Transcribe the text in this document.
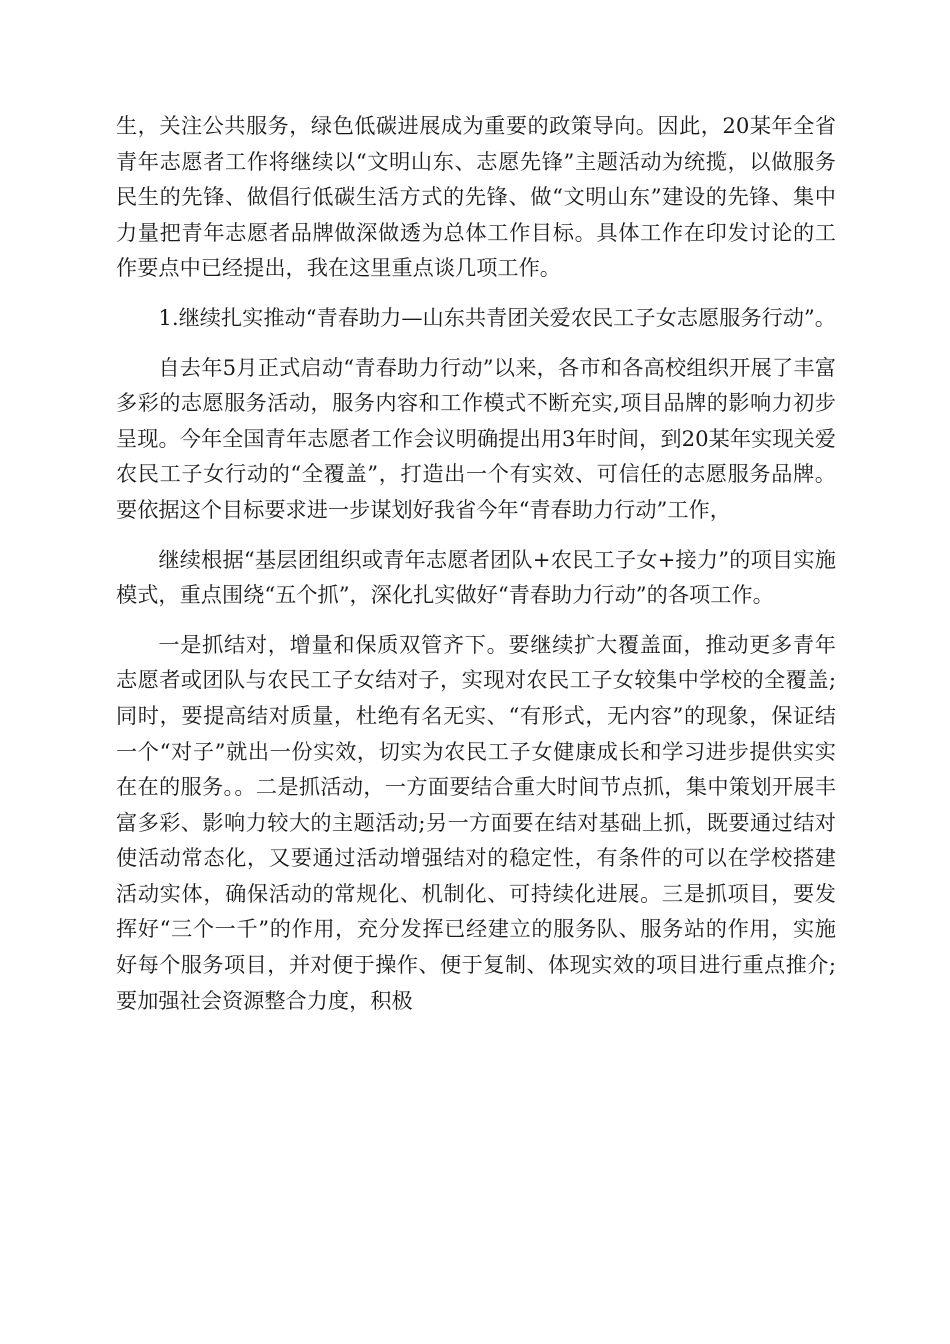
生，关注公共服务，绿色低碳进展成为重要的政策导向。因此，20某年全省青年志愿者工作将继续以“文明山东、志愿先锋”主题活动为统揽，以做服务民生的先锋、做倡行低碳生活方式的先锋、做“文明山东”建设的先锋、集中力量把青年志愿者品牌做深做透为总体工作目标。具体工作在印发讨论的工作要点中已经提出，我在这里重点谈几项工作。

1.继续扎实推动“青春助力—山东共青团关爱农民工子女志愿服务行动”。

自去年5月正式启动“青春助力行动”以来，各市和各高校组织开展了丰富多彩的志愿服务活动，服务内容和工作模式不断充实,项目品牌的影响力初步呈现。今年全国青年志愿者工作会议明确提出用3年时间，到20某年实现关爱农民工子女行动的“全覆盖”，打造出一个有实效、可信任的志愿服务品牌。要依据这个目标要求进一步谋划好我省今年“青春助力行动”工作，

继续根据“基层团组织或青年志愿者团队+农民工子女+接力”的项目实施模式，重点围绕“五个抓”，深化扎实做好“青春助力行动”的各项工作。

一是抓结对，增量和保质双管齐下。要继续扩大覆盖面，推动更多青年志愿者或团队与农民工子女结对子，实现对农民工子女较集中学校的全覆盖;同时，要提高结对质量，杜绝有名无实、“有形式，无内容”的现象，保证结一个“对子”就出一份实效，切实为农民工子女健康成长和学习进步提供实实在在的服务。。二是抓活动，一方面要结合重大时间节点抓，集中策划开展丰富多彩、影响力较大的主题活动;另一方面要在结对基础上抓，既要通过结对使活动常态化，又要通过活动增强结对的稳定性，有条件的可以在学校搭建活动实体，确保活动的常规化、机制化、可持续化进展。三是抓项目，要发挥好“三个一千”的作用，充分发挥已经建立的服务队、服务站的作用，实施好每个服务项目，并对便于操作、便于复制、体现实效的项目进行重点推介;要加强社会资源整合力度，积极
